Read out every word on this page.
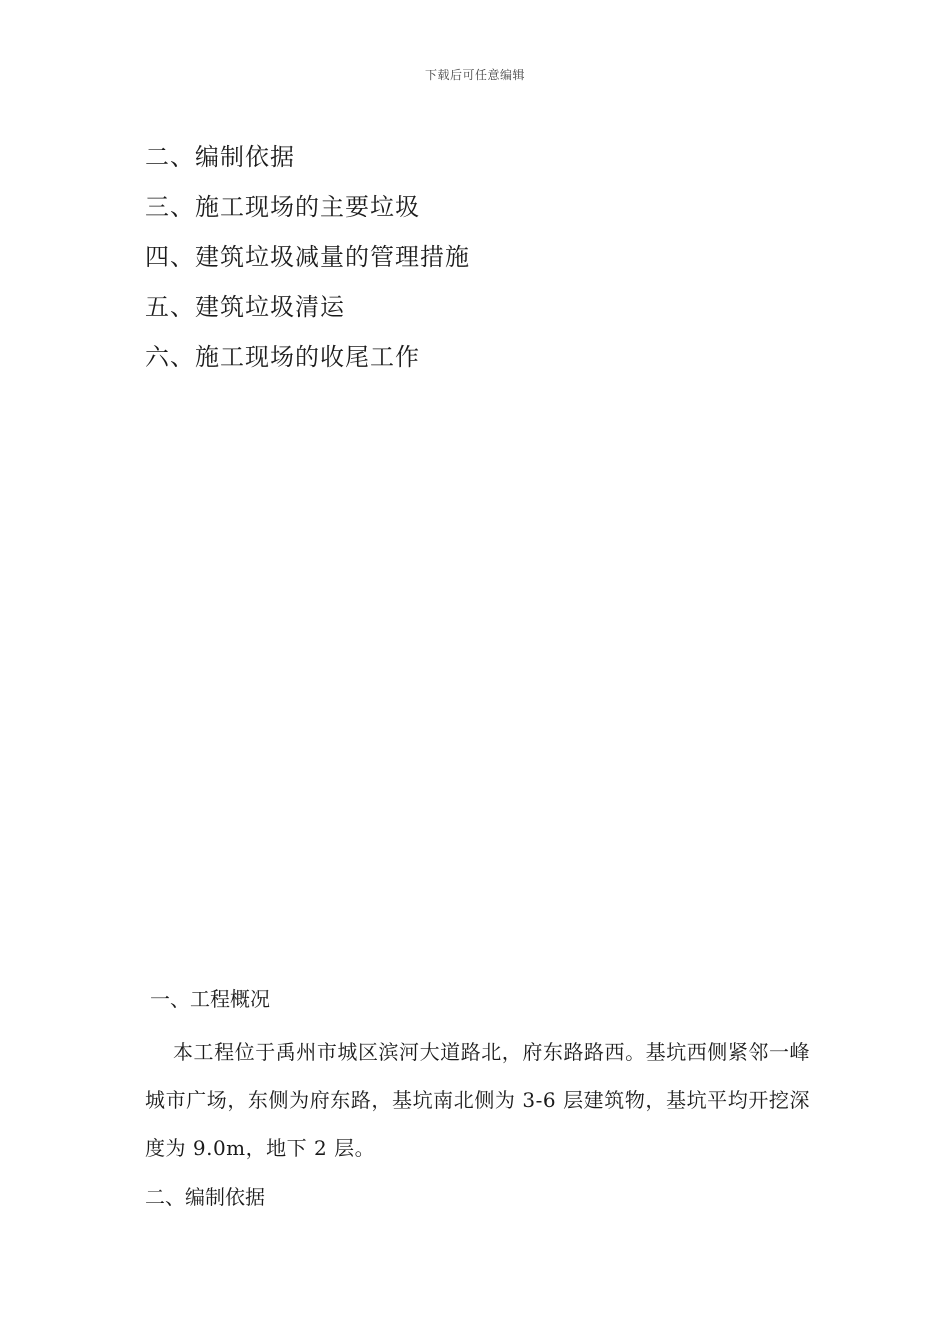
下载后可任意编辑
二、编制依据
三、施工现场的主要垃圾
四、建筑垃圾减量的管理措施
五、建筑垃圾清运
六、施工现场的收尾工作
一、工程概况

本工程位于禹州市城区滨河大道路北，府东路路西。基坑西侧紧邻一峰城市广场，东侧为府东路，基坑南北侧为 3-6 层建筑物，基坑平均开挖深度为 9.0m，地下 2 层。

二、编制依据
